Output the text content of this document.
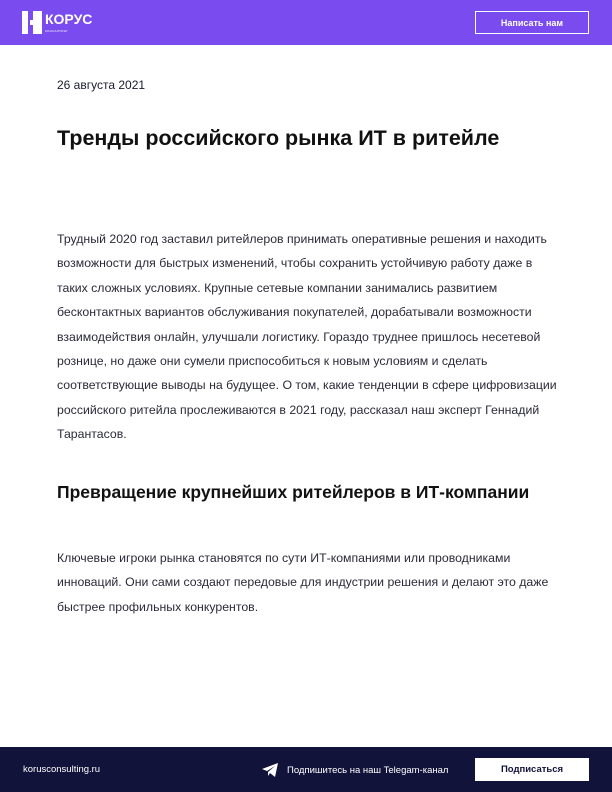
КОРУС
КОНСАЛТИНГ
Написать нам
26 августа 2021
Тренды российского рынка ИТ в ритейле

Трудный 2020 год заставил ритейлеров принимать оперативные решения и находить возможности для быстрых изменений, чтобы сохранить устойчивую работу даже в таких сложных условиях. Крупные сетевые компании занимались развитием бесконтактных вариантов обслуживания покупателей, дорабатывали возможности взаимодействия онлайн, улучшали логистику. Гораздо труднее пришлось несетевой рознице, но даже они сумели приспособиться к новым условиям и сделать соответствующие выводы на будущее. О том, какие тенденции в сфере цифровизации российского ритейла прослеживаются в 2021 году, рассказал наш эксперт Геннадий Тарантасов.

Превращение крупнейших ритейлеров в ИТ-компании

Ключевые игроки рынка становятся по сути ИТ-компаниями или проводниками инноваций. Они сами создают передовые для индустрии решения и делают это даже быстрее профильных конкурентов.

korusconsulting.ru	Подпишитесь на наш Telegam-канал	Подписаться
